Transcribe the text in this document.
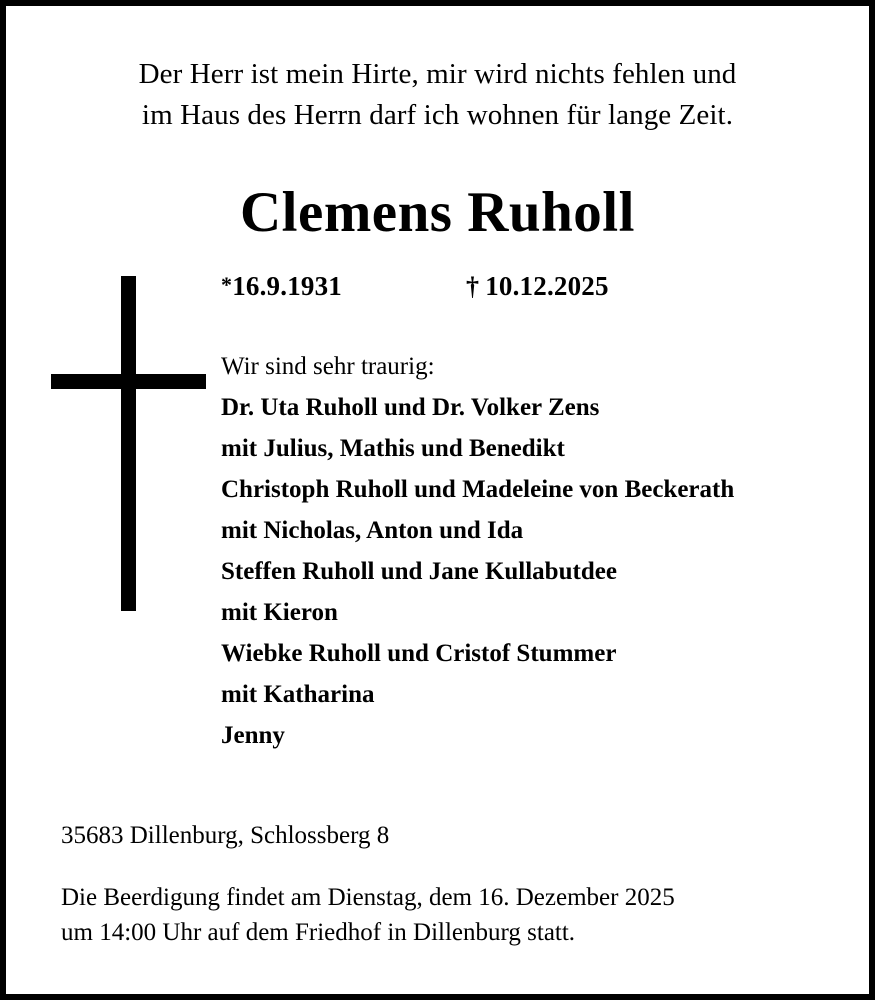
Der Herr ist mein Hirte, mir wird nichts fehlen und
im Haus des Herrn darf ich wohnen für lange Zeit.
Clemens Ruholl
*16.9.1931	† 10.12.2025
Wir sind sehr traurig:
Dr. Uta Ruholl und Dr. Volker Zens
mit Julius, Mathis und Benedikt
Christoph Ruholl und Madeleine von Beckerath
mit Nicholas, Anton und Ida
Steffen Ruholl und Jane Kullabutdee
mit Kieron
Wiebke Ruholl und Cristof Stummer
mit Katharina
Jenny
35683 Dillenburg, Schlossberg 8
Die Beerdigung findet am Dienstag, dem 16. Dezember 2025
um 14:00 Uhr auf dem Friedhof in Dillenburg statt.
